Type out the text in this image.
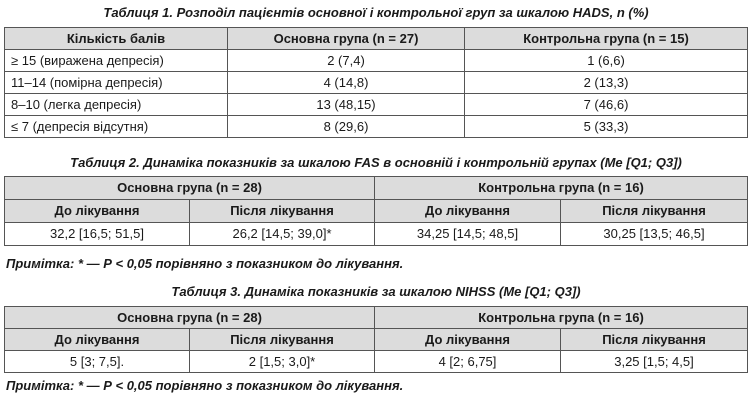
Таблиця 1. Розподіл пацієнтів основної і контрольної груп за шкалою HADS, n (%)
Кількість балів	Основна група (n = 27)	Контрольна група (n = 15)
≥ 15 (виражена депресія)	2 (7,4)	1 (6,6)
11–14 (помірна депресія)	4 (14,8)	2 (13,3)
8–10 (легка депресія)	13 (48,15)	7 (46,6)
≤ 7 (депресія відсутня)	8 (29,6)	5 (33,3)
Таблиця 2. Динаміка показників за шкалою FAS в основній і контрольній групах (Me [Q1; Q3])
Основна група (n = 28)		Контрольна група (n = 16)	
До лікування	Після лікування	До лікування	Після лікування
32,2 [16,5; 51,5]	26,2 [14,5; 39,0]*	34,25 [14,5; 48,5]	30,25 [13,5; 46,5]
Примітка: * — Р < 0,05 порівняно з показником до лікування.
Таблиця 3. Динаміка показників за шкалою NIHSS (Me [Q1; Q3])
Основна група (n = 28)		Контрольна група (n = 16)	
До лікування	Після лікування	До лікування	Після лікування
5 [3; 7,5].	2 [1,5; 3,0]*	4 [2; 6,75]	3,25 [1,5; 4,5]
Примітка: * — Р < 0,05 порівняно з показником до лікування.
